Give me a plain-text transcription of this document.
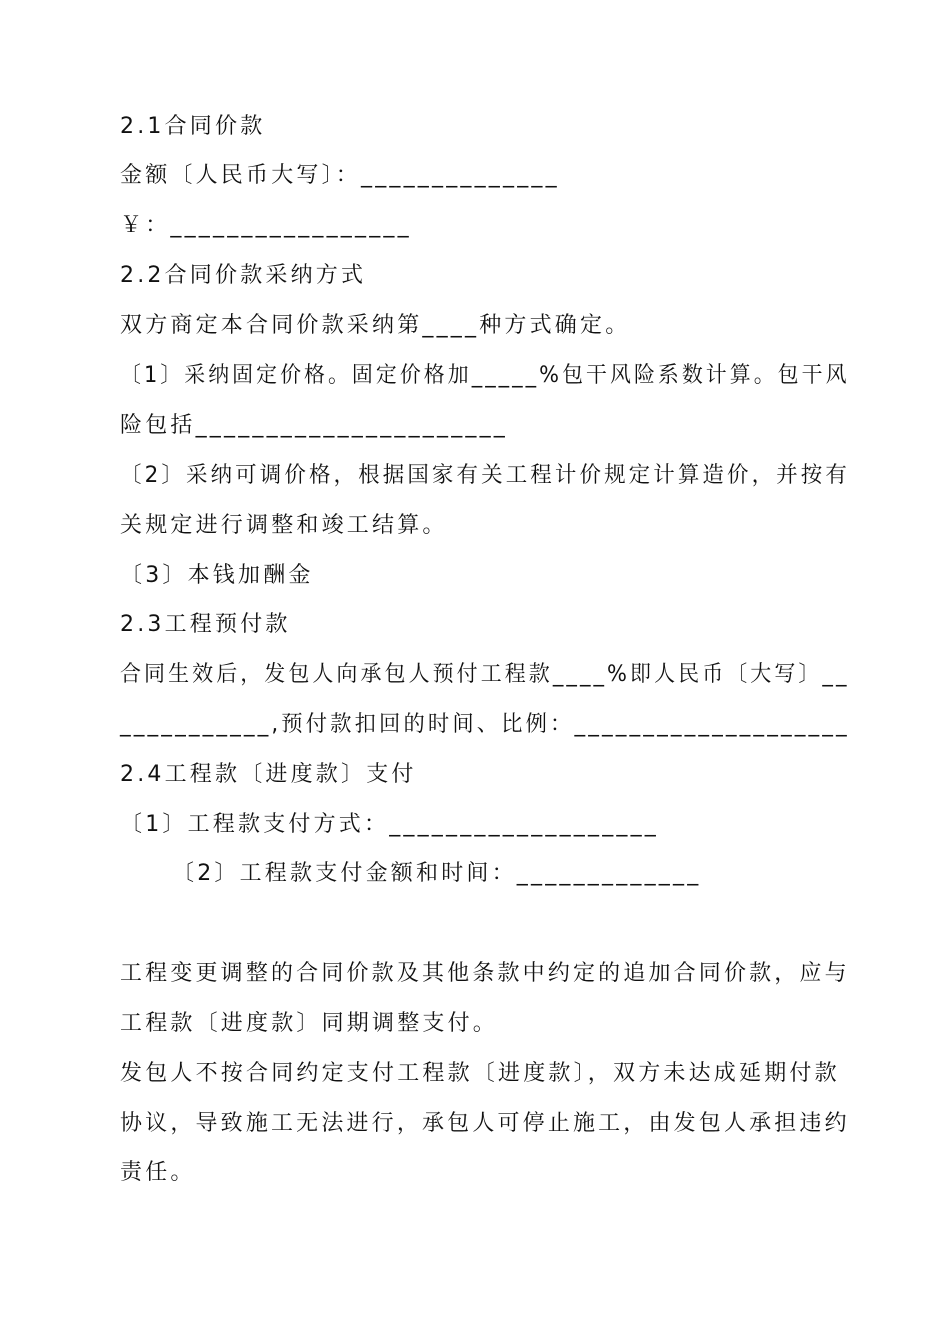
2.1合同价款

金额〔人民币大写〕：______________

￥：_________________

2.2合同价款采纳方式

双方商定本合同价款采纳第____种方式确定。

〔1〕采纳固定价格。固定价格加_____%包干风险系数计算。包干风

险包括______________________

〔2〕采纳可调价格，根据国家有关工程计价规定计算造价，并按有

关规定进行调整和竣工结算。

〔3〕本钱加酬金

2.3工程预付款

合同生效后，发包人向承包人预付工程款____%即人民币〔大写〕__

___________,预付款扣回的时间、比例：____________________

2.4工程款〔进度款〕支付

〔1〕工程款支付方式：___________________

〔2〕工程款支付金额和时间：_____________

工程变更调整的合同价款及其他条款中约定的追加合同价款，应与

工程款〔进度款〕同期调整支付。

发包人不按合同约定支付工程款〔进度款〕，双方未达成延期付款

协议，导致施工无法进行，承包人可停止施工，由发包人承担违约

责任。
